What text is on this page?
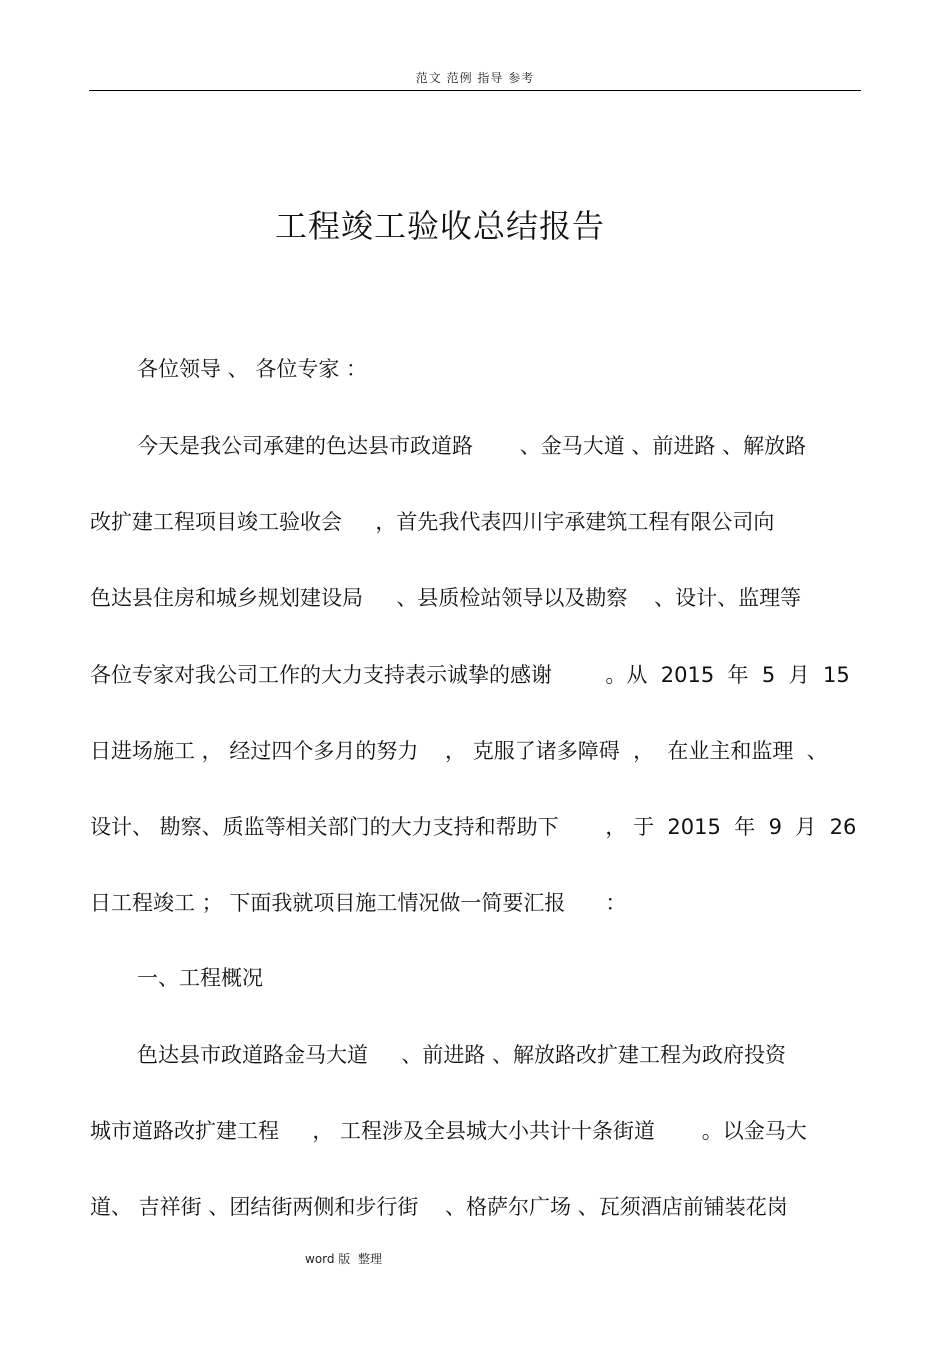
范文 范例 指导 参考
工程竣工验收总结报告
各位领导 、 各位专家 ：
今天是我公司承建的色达县市政道路       、金马大道 、前进路 、解放路
改扩建工程项目竣工验收会     ，首先我代表四川宇承建筑工程有限公司向
色达县住房和城乡规划建设局     、县质检站领导以及勘察    、设计、监理等
各位专家对我公司工作的大力支持表示诚挚的感谢        。从  2015  年  5  月  15
日进场施工 ， 经过四个多月的努力    ， 克服了诸多障碍  ，  在业主和监理  、
设计、 勘察、质监等相关部门的大力支持和帮助下       ， 于  2015  年  9  月  26
日工程竣工 ； 下面我就项目施工情况做一简要汇报      ：
一、工程概况
色达县市政道路金马大道     、前进路 、解放路改扩建工程为政府投资
城市道路改扩建工程     ， 工程涉及全县城大小共计十条街道       。以金马大
道、 吉祥街 、团结街两侧和步行街    、格萨尔广场 、瓦须酒店前铺装花岗
word 版  整理
